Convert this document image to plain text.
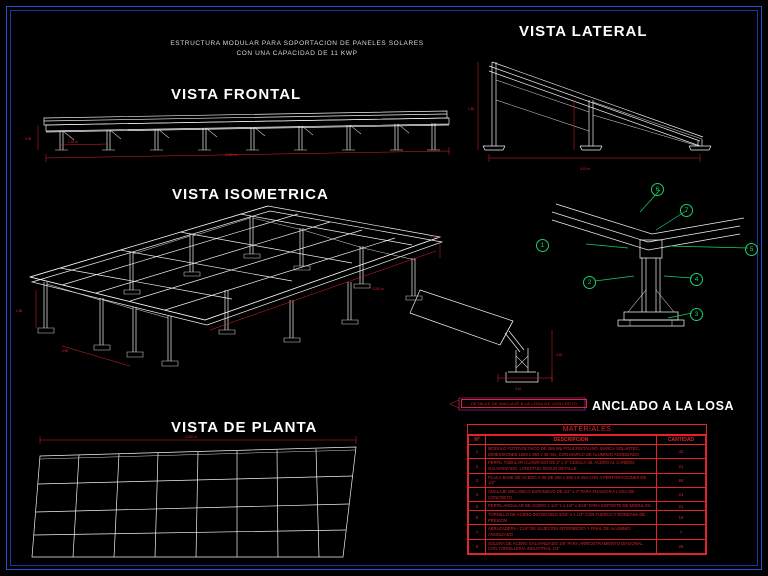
ESTRUCTURA MODULAR PARA SOPORTACION DE PANELES SOLARES
CON UNA CAPACIDAD DE 11 KWP
VISTA FRONTAL
VISTA LATERAL
VISTA ISOMETRICA
VISTA DE PLANTA
ANCLADO A LA LOSA
12.80 m
1.20 m
0.95
1.85
4.15 m
1.85
0.95
12.80 m
4.15 m
12.80 m
0.20
0.10
1
2
3
4
5
6
7
DETALLE DE ANCLAJE A LA LOSA DE CONCRETO
MATERIALES
N°	DESCRIPCION	CANTIDAD
1	MODULO FOTOVOLTAICO DE 265 Wp POLICRISTALINO, MARCA SOLARTEC, DIMENSIONES 1650 x 992 x 40 mm, CON MARCO DE ALUMINIO ANODIZADO	42
2	PERFIL TUBULAR CUADRADO DE 2" x 2" CEDULA 40, ACERO AL CARBON GALVANIZADO, LONGITUD SEGUN DETALLE	21
3	PLACA BASE DE ACERO A-36 DE 200 x 200 x 6 mm CON 4 PERFORACIONES DE 1/2"	84
4	ANCLAJE MECANICO EXPANSIVO DE 1/2" x 4" PARA FIJACION A LOSA DE CONCRETO	21
5	PERFIL ANGULAR DE ACERO 1 1/2" x 1 1/2" x 3/16" PARA SOPORTE DE MODULOS	21
6	TORNILLO DE ACERO INOXIDABLE 5/16" x 1 1/4" CON TUERCA Y RONDANA DE PRESION	15
7	ABRAZADERA / CLIP DE SUJECION INTERMEDIO Y FINAL DE ALUMINIO ANODIZADO	7
8	SOLERA DE ACERO GALVANIZADO 1/8" PARA ARRIOSTRAMIENTO DIAGONAL, CON TORNILLERIA INDUSTRIAL 1/4"	25
